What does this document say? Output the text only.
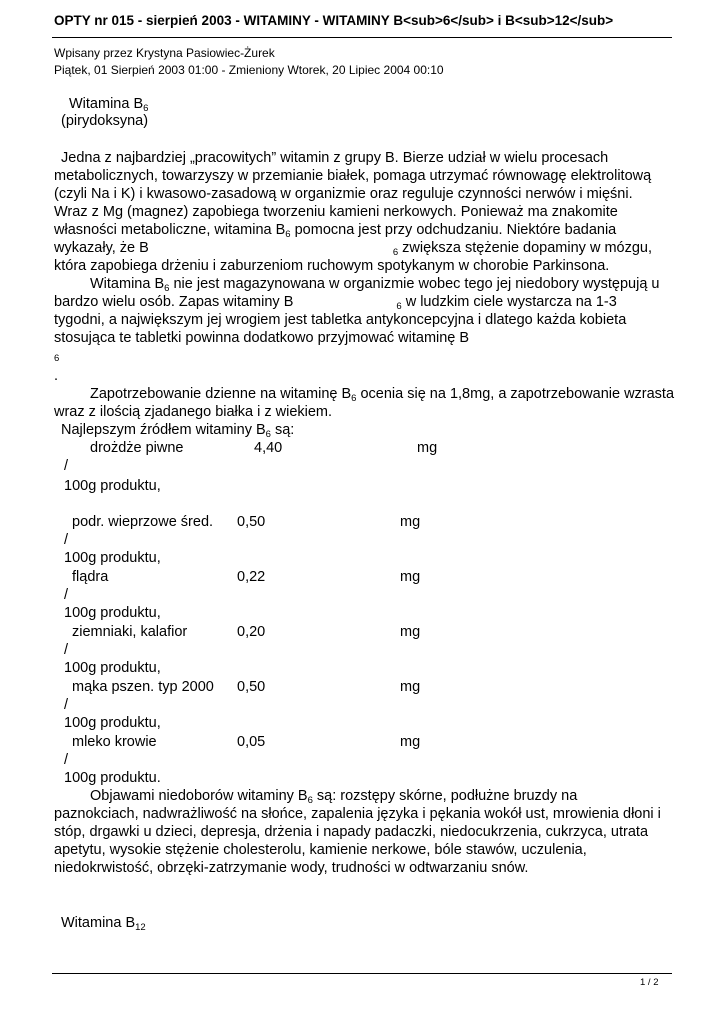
OPTY nr 015 - sierpień 2003 - WITAMINY - WITAMINY B<sub>6</sub> i B<sub>12</sub>
Wpisany przez Krystyna Pasiowiec-Żurek
Piątek, 01 Sierpień 2003 01:00 - Zmieniony Wtorek, 20 Lipiec 2004 00:10
Witamina $B_6$
(pirydoksyna)
Jedna z najbardziej „pracowitych” witamin z grupy B. Bierze udział w wielu procesach
metabolicznych, towarzyszy w przemianie białek, pomaga utrzymać równowagę elektrolitową
(czyli Na i K) i kwasowo-zasadową w organizmie oraz reguluje czynności nerwów i mięśni.
Wraz z Mg (magnez) zapobiega tworzeniu kamieni nerkowych. Ponieważ ma znakomite
własności metaboliczne, witamina $B_6$ pomocna jest przy odchudzaniu. Niektóre badania
wykazały, że B	$_6$ zwiększa stężenie dopaminy w mózgu,
która zapobiega drżeniu i zaburzeniom ruchowym spotykanym w chorobie Parkinsona.
Witamina $B_6$ nie jest magazynowana w organizmie wobec tego jej niedobory występują u
bardzo wielu osób. Zapas witaminy B	$_6$ w ludzkim ciele wystarcza na 1-3
tygodni, a największym jej wrogiem jest tabletka antykoncepcyjna i dlatego każda kobieta
stosująca te tabletki powinna dodatkowo przyjmować witaminę B
6
.
Zapotrzebowanie dzienne na witaminę $B_6$ ocenia się na 1,8mg, a zapotrzebowanie wzrasta
wraz z ilością zjadanego białka i z wiekiem.
Najlepszym źródłem witaminy $B_6$ są:
drożdże piwne	4,40	mg
/
100g produktu,
podr. wieprzowe śred. 0,50	mg
/
100g produktu,
flądra	0,22	mg
/
100g produktu,
ziemniaki, kalafior	0,20	mg
/
100g produktu,
mąka pszen. typ 2000 0,50	mg
/
100g produktu,
mleko krowie	0,05	mg
/
100g produktu.
Objawami niedoborów witaminy $B_6$ są: rozstępy skórne, podłużne bruzdy na
paznokciach, nadwrażliwość na słońce, zapalenia języka i pękania wokół ust, mrowienia dłoni i
stóp, drgawki u dzieci, depresja, drżenia i napady padaczki, niedocukrzenia, cukrzyca, utrata
apetytu, wysokie stężenie cholesterolu, kamienie nerkowe, bóle stawów, uczulenia,
niedokrwistość, obrzęki-zatrzymanie wody, trudności w odtwarzaniu snów.
Witamina $B_{12}$
1 / 2
